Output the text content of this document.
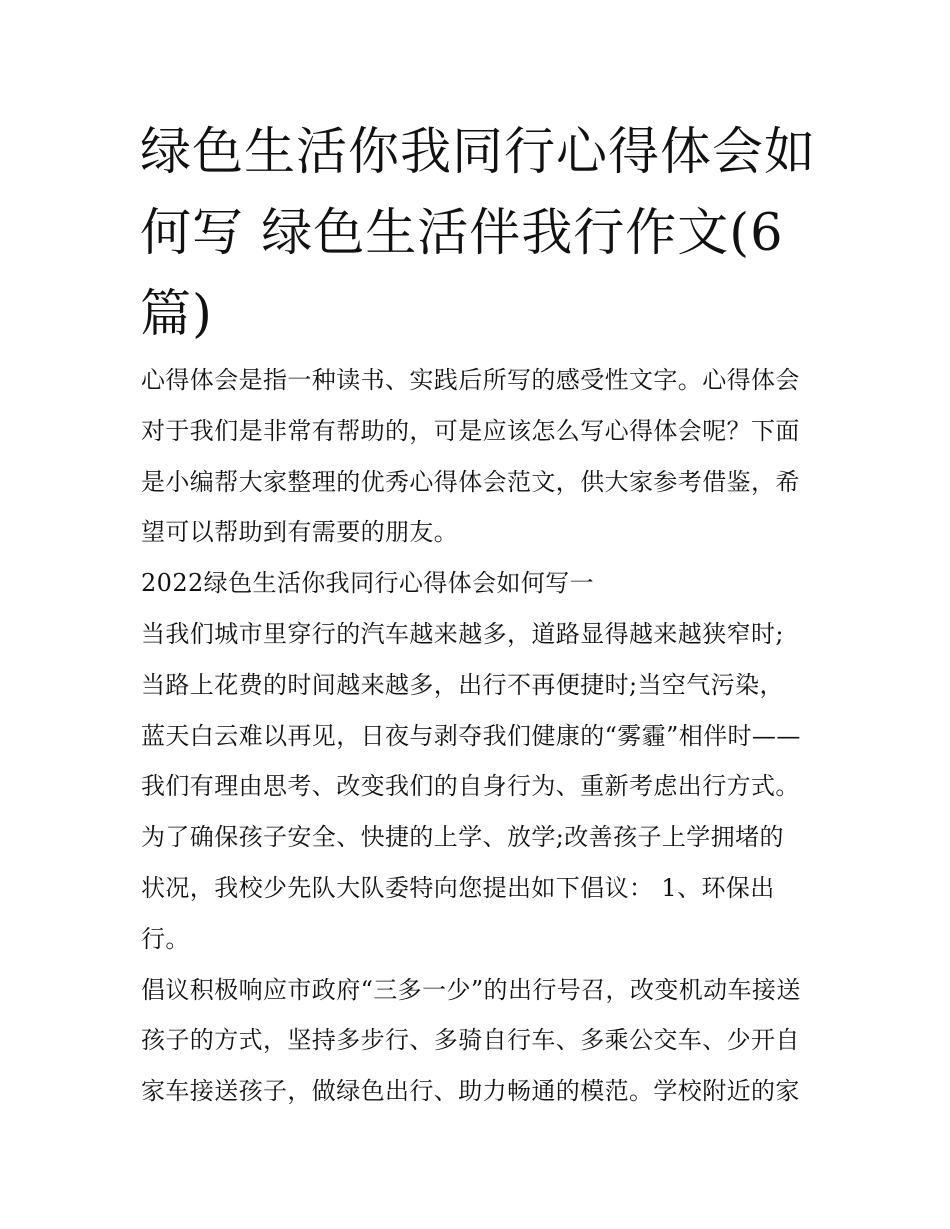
绿色生活你我同行心得体会如何写 绿色生活伴我行作文(6篇)

心得体会是指一种读书、实践后所写的感受性文字。心得体会对于我们是非常有帮助的，可是应该怎么写心得体会呢？下面是小编帮大家整理的优秀心得体会范文，供大家参考借鉴，希望可以帮助到有需要的朋友。

2022绿色生活你我同行心得体会如何写一

当我们城市里穿行的汽车越来越多，道路显得越来越狭窄时;
当路上花费的时间越来越多，出行不再便捷时;当空气污染，
蓝天白云难以再见，日夜与剥夺我们健康的“雾霾”相伴时——
我们有理由思考、改变我们的自身行为、重新考虑出行方式。
为了确保孩子安全、快捷的上学、放学;改善孩子上学拥堵的
状况，我校少先队大队委特向您提出如下倡议： 1、环保出
行。

倡议积极响应市政府“三多一少”的出行号召，改变机动车接送孩子的方式，坚持多步行、多骑自行车、多乘公交车、少开自家车接送孩子，做绿色出行、助力畅通的模范。学校附近的家
